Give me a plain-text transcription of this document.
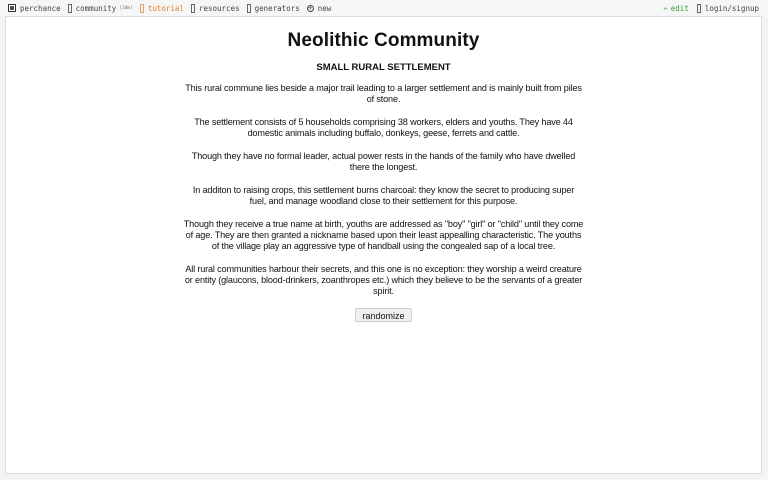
perchance community [30m] tutorial resources generators + new	✏ edit login/signup
Neolithic Community
SMALL RURAL SETTLEMENT

This rural commune lies beside a major trail leading to a larger settlement and is mainly built from piles of stone.

The settlement consists of 5 households comprising 38 workers, elders and youths. They have 44 domestic animals including buffalo, donkeys, geese, ferrets and cattle.

Though they have no formal leader, actual power rests in the hands of the family who have dwelled there the longest.

In additon to raising crops, this settlement burns charcoal: they know the secret to producing super fuel, and manage woodland close to their settlement for this purpose.

Though they receive a true name at birth, youths are addressed as "boy" "girl" or "child" until they come of age. They are then granted a nickname based upon their least appealling characteristic. The youths of the village play an aggressive type of handball using the congealed sap of a local tree.

All rural communities harbour their secrets, and this one is no exception: they worship a weird creature or entity (glaucons, blood-drinkers, zoanthropes etc.) which they believe to be the servants of a greater spirit.

randomize
